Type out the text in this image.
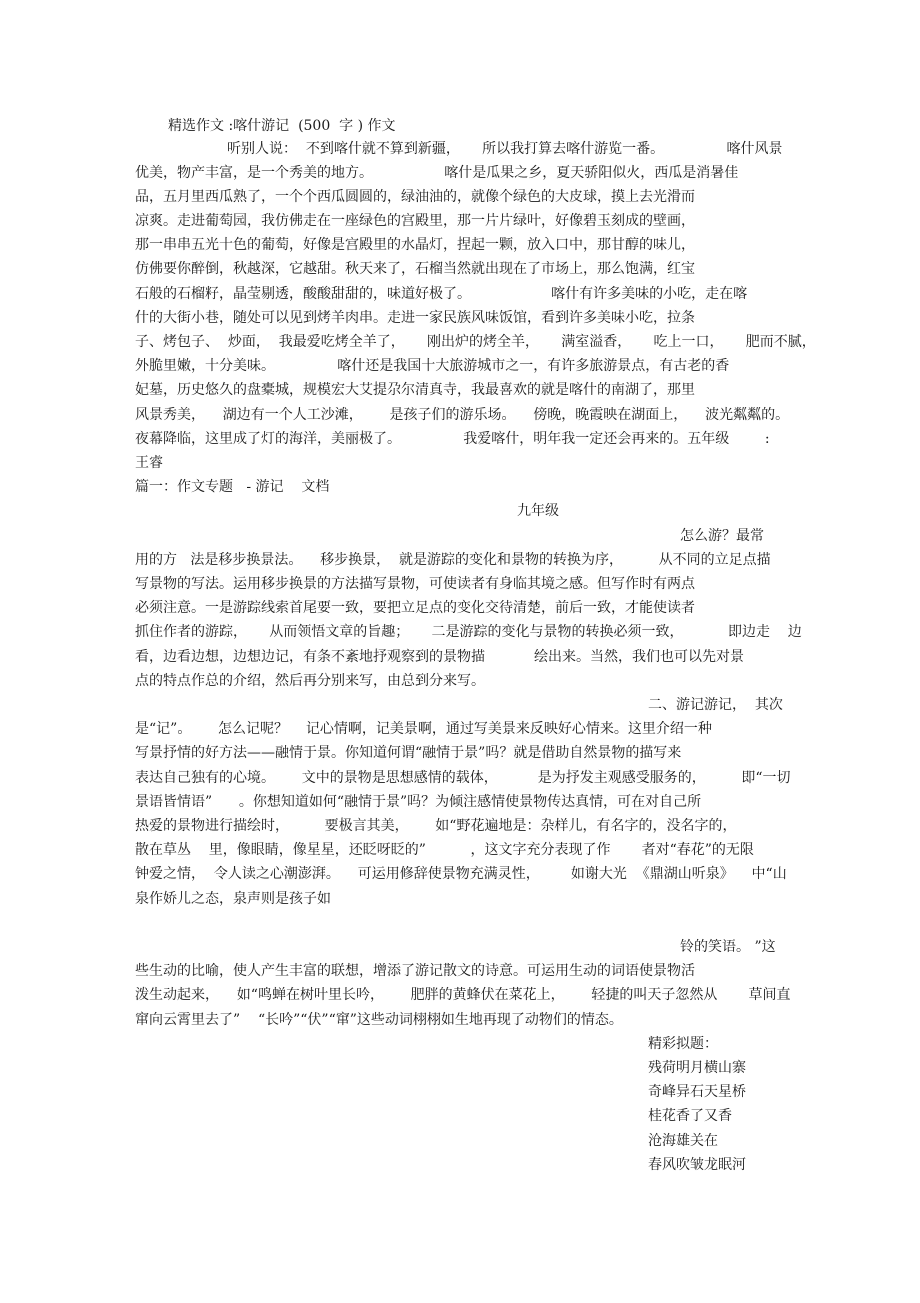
精选作文 :喀什游记  (500  字 ) 作文
听别人说：  不到喀什就不算到新疆，     所以我打算去喀什游览一番。              喀什风景
优美，物产丰富，是一个秀美的地方。                喀什是瓜果之乡，夏天骄阳似火，西瓜是消暑佳
品，五月里西瓜熟了，一个个西瓜圆圆的，绿油油的，就像个绿色的大皮球，摸上去光滑而
凉爽。走进葡萄园，我仿佛走在一座绿色的宫殿里，那一片片绿叶，好像碧玉刻成的壁画，
那一串串五光十色的葡萄，好像是宫殿里的水晶灯，捏起一颗，放入口中，那甘醇的味儿，
仿佛要你醉倒，秋越深，它越甜。秋天来了，石榴当然就出现在了市场上，那么饱满，红宝
石般的石榴籽，晶莹剔透，酸酸甜甜的，味道好极了。                  喀什有许多美味的小吃，走在喀
什的大街小巷，随处可以见到烤羊肉串。走进一家民族风味饭馆，看到许多美味小吃，拉条
子、烤包子、  炒面，  我最爱吃烤全羊了，     刚出炉的烤全羊，     满室溢香，     吃上一口，     肥而不腻，
外脆里嫩，十分美味。              喀什还是我国十大旅游城市之一，有许多旅游景点，有古老的香
妃墓，历史悠久的盘橐城，规模宏大艾提尕尔清真寺，我最喜欢的就是喀什的南湖了，那里
风景秀美，    湖边有一个人工沙滩，      是孩子们的游乐场。    傍晚，晚霞映在湖面上，    波光粼粼的。
夜幕降临，这里成了灯的海洋，美丽极了。              我爱喀什，明年我一定还会再来的。五年级        :
王睿
篇一：作文专题   - 游记    文档
九年级
怎么游？最常
用的方   法是移步换景法。    移步换景，  就是游踪的变化和景物的转换为序，        从不同的立足点描
写景物的写法。运用移步换景的方法描写景物，可使读者有身临其境之感。但写作时有两点
必须注意。一是游踪线索首尾要一致，要把立足点的变化交待清楚，前后一致，才能使读者
抓住作者的游踪，     从而领悟文章的旨趣；     二是游踪的变化与景物的转换必须一致，          即边走    边
看，边看边想，边想边记，有条不紊地抒观察到的景物描           绘出来。当然，我们也可以先对景
点的特点作总的介绍，然后再分别来写，由总到分来写。
二、游记游记，  其次
是“记”。      怎么记呢？    记心情啊，记美景啊，通过写美景来反映好心情来。这里介绍一种
写景抒情的好方法——融情于景。你知道何谓“融情于景”吗？就是借助自然景物的描写来
表达自己独有的心境。      文中的景物是思想感情的载体，         是为抒发主观感受服务的，        即“一切
景语皆情语”      。你想知道如何“融情于景”吗？为倾注感情使景物传达真情，可在对自己所
热爱的景物进行描绘时，        要极言其美，      如“野花遍地是：杂样儿，有名字的，没名字的，
散在草丛    里，像眼睛，像星星，还眨呀眨的”          ，这文字充分表现了作       者对“春花”的无限
钟爱之情，  令人读之心潮澎湃。    可运用修辞使景物充满灵性，       如谢大光  《鼎湖山听泉》    中“山
泉作娇儿之态，泉声则是孩子如
铃的笑语。 ”这
些生动的比喻，使人产生丰富的联想，增添了游记散文的诗意。可运用生动的词语使景物活
泼生动起来，    如“鸣蝉在树叶里长吟，      肥胖的黄蜂伏在菜花上，      轻捷的叫天子忽然从       草间直
窜向云霄里去了”    “长吟”“伏”“窜”这些动词栩栩如生地再现了动物们的情态。
精彩拟题：
残荷明月横山寨
奇峰异石天星桥
桂花香了又香
沧海雄关在
春风吹皱龙眠河
